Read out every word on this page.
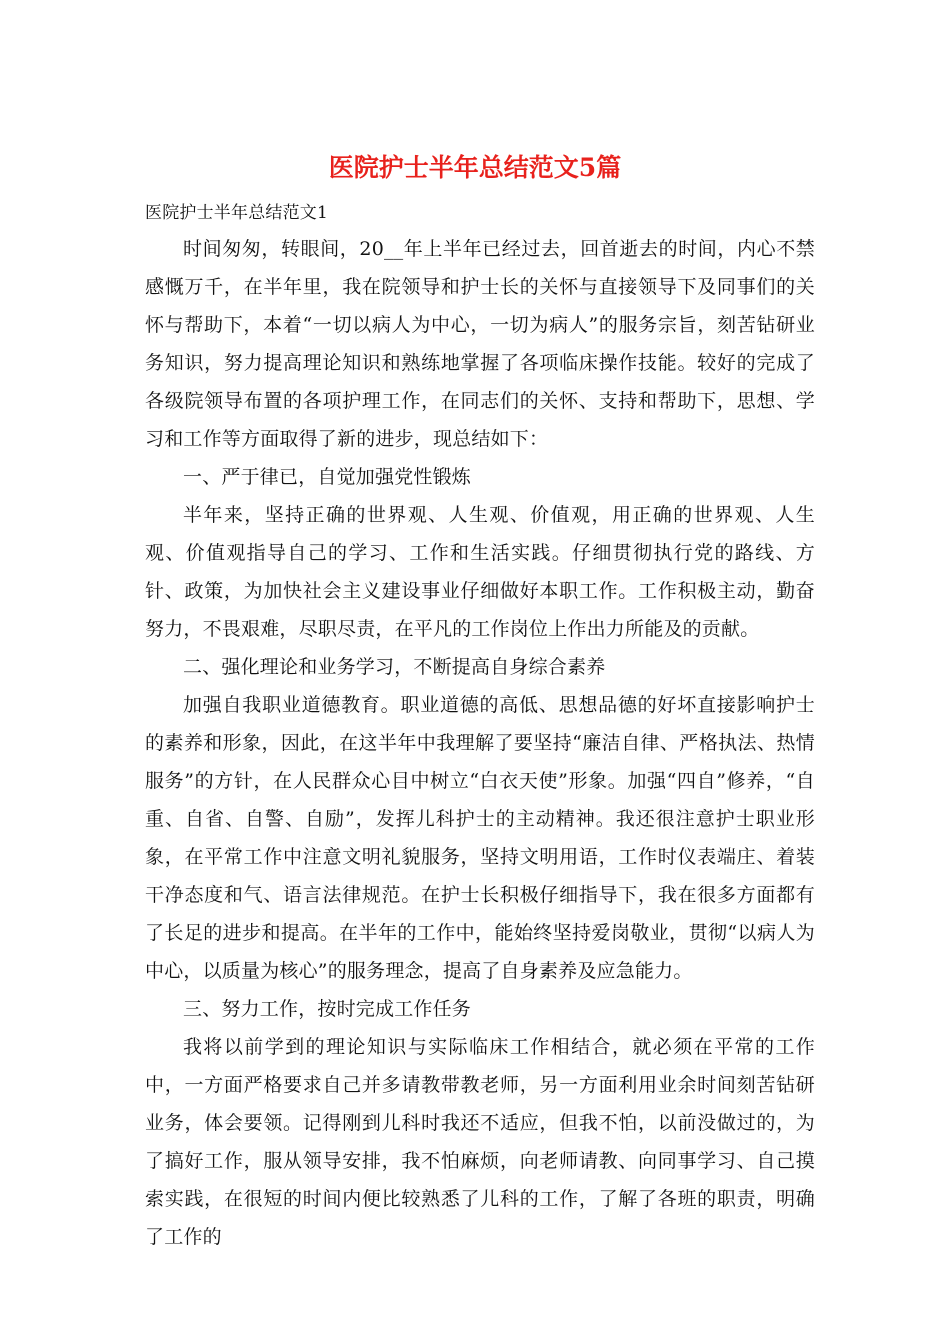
医院护士半年总结范文5篇

医院护士半年总结范文1

时间匆匆，转眼间，20__年上半年已经过去，回首逝去的时间，内心不禁感慨万千，在半年里，我在院领导和护士长的关怀与直接领导下及同事们的关怀与帮助下，本着“一切以病人为中心，一切为病人”的服务宗旨，刻苦钻研业务知识，努力提高理论知识和熟练地掌握了各项临床操作技能。较好的完成了各级院领导布置的各项护理工作，在同志们的关怀、支持和帮助下，思想、学习和工作等方面取得了新的进步，现总结如下：

一、严于律已，自觉加强党性锻炼

半年来，坚持正确的世界观、人生观、价值观，用正确的世界观、人生观、价值观指导自己的学习、工作和生活实践。仔细贯彻执行党的路线、方针、政策，为加快社会主义建设事业仔细做好本职工作。工作积极主动，勤奋努力，不畏艰难，尽职尽责，在平凡的工作岗位上作出力所能及的贡献。

二、强化理论和业务学习，不断提高自身综合素养

加强自我职业道德教育。职业道德的高低、思想品德的好坏直接影响护士的素养和形象，因此，在这半年中我理解了要坚持“廉洁自律、严格执法、热情服务”的方针，在人民群众心目中树立“白衣天使”形象。加强“四自”修养，“自重、自省、自警、自励”，发挥儿科护士的主动精神。我还很注意护士职业形象，在平常工作中注意文明礼貌服务，坚持文明用语，工作时仪表端庄、着装干净态度和气、语言法律规范。在护士长积极仔细指导下，我在很多方面都有了长足的进步和提高。在半年的工作中，能始终坚持爱岗敬业，贯彻“以病人为中心，以质量为核心”的服务理念，提高了自身素养及应急能力。

三、努力工作，按时完成工作任务

我将以前学到的理论知识与实际临床工作相结合，就必须在平常的工作中，一方面严格要求自己并多请教带教老师，另一方面利用业余时间刻苦钻研业务，体会要领。记得刚到儿科时我还不适应，但我不怕，以前没做过的，为了搞好工作，服从领导安排，我不怕麻烦，向老师请教、向同事学习、自己摸索实践，在很短的时间内便比较熟悉了儿科的工作，了解了各班的职责，明确了工作的
